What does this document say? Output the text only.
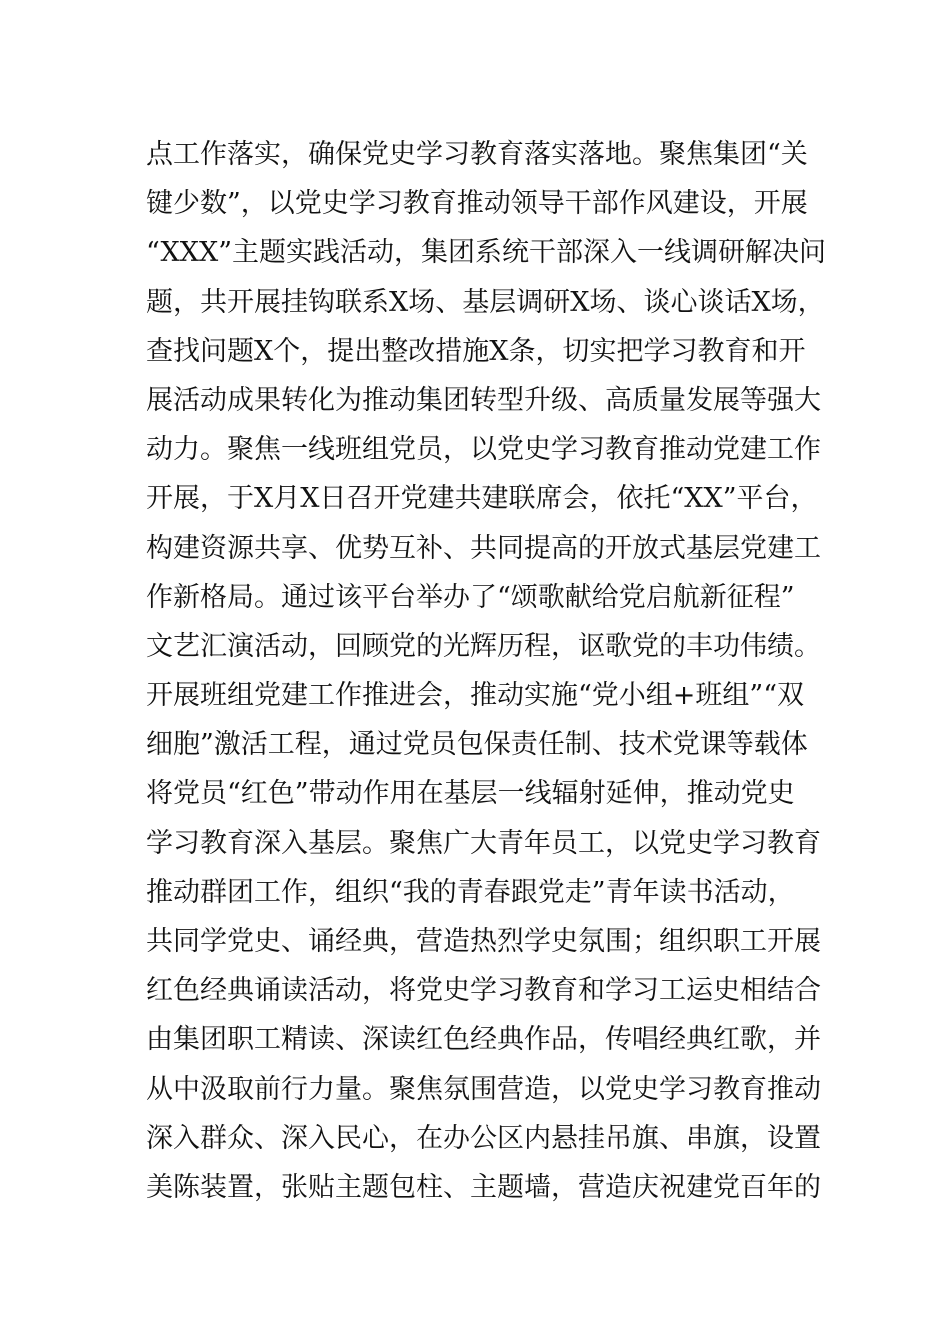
点工作落实，确保党史学习教育落实落地。聚焦集团“关
键少数”，以党史学习教育推动领导干部作风建设，开展
“XXX”主题实践活动，集团系统干部深入一线调研解决问
题，共开展挂钩联系X场、基层调研X场、谈心谈话X场，
查找问题X个，提出整改措施X条，切实把学习教育和开
展活动成果转化为推动集团转型升级、高质量发展等强大
动力。聚焦一线班组党员，以党史学习教育推动党建工作
开展，于X月X日召开党建共建联席会，依托“XX”平台，
构建资源共享、优势互补、共同提高的开放式基层党建工
作新格局。通过该平台举办了“颂歌献给党启航新征程”
文艺汇演活动，回顾党的光辉历程，讴歌党的丰功伟绩。
开展班组党建工作推进会，推动实施“党小组+班组”“双
细胞”激活工程，通过党员包保责任制、技术党课等载体
将党员“红色”带动作用在基层一线辐射延伸，推动党史
学习教育深入基层。聚焦广大青年员工，以党史学习教育
推动群团工作，组织“我的青春跟党走”青年读书活动，
共同学党史、诵经典，营造热烈学史氛围；组织职工开展
红色经典诵读活动，将党史学习教育和学习工运史相结合
由集团职工精读、深读红色经典作品，传唱经典红歌，并
从中汲取前行力量。聚焦氛围营造，以党史学习教育推动
深入群众、深入民心，在办公区内悬挂吊旗、串旗，设置
美陈装置，张贴主题包柱、主题墙，营造庆祝建党百年的
